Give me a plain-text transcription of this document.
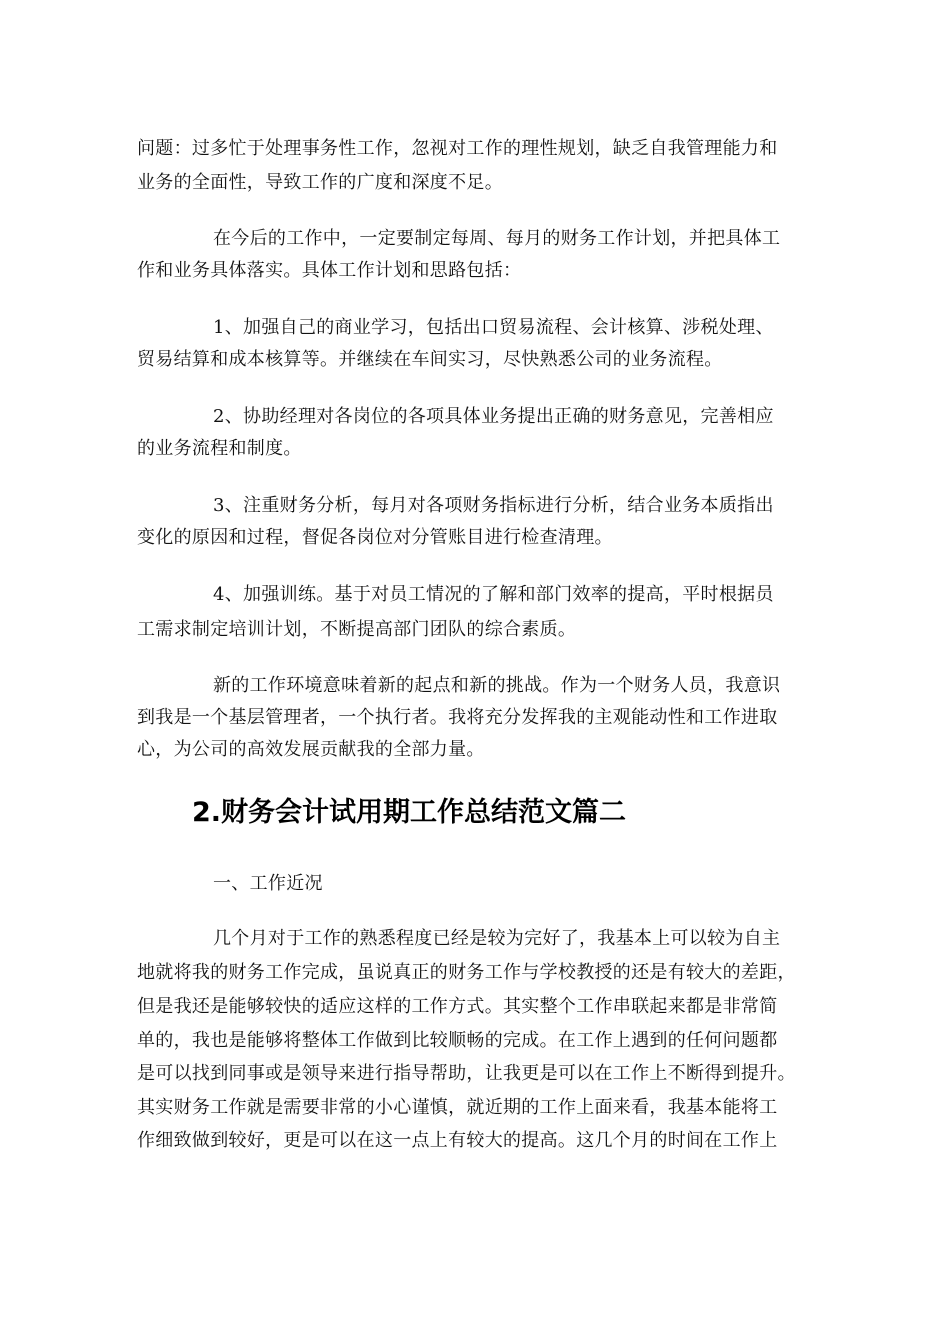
问题：过多忙于处理事务性工作，忽视对工作的理性规划，缺乏自我管理能力和
业务的全面性，导致工作的广度和深度不足。
在今后的工作中，一定要制定每周、每月的财务工作计划，并把具体工
作和业务具体落实。具体工作计划和思路包括：
1、加强自己的商业学习，包括出口贸易流程、会计核算、涉税处理、
贸易结算和成本核算等。并继续在车间实习，尽快熟悉公司的业务流程。
2、协助经理对各岗位的各项具体业务提出正确的财务意见，完善相应
的业务流程和制度。
3、注重财务分析，每月对各项财务指标进行分析，结合业务本质指出
变化的原因和过程，督促各岗位对分管账目进行检查清理。
4、加强训练。基于对员工情况的了解和部门效率的提高，平时根据员
工需求制定培训计划，不断提高部门团队的综合素质。
新的工作环境意味着新的起点和新的挑战。作为一个财务人员，我意识
到我是一个基层管理者，一个执行者。我将充分发挥我的主观能动性和工作进取
心，为公司的高效发展贡献我的全部力量。
2.财务会计试用期工作总结范文篇二
一、工作近况
几个月对于工作的熟悉程度已经是较为完好了，我基本上可以较为自主
地就将我的财务工作完成，虽说真正的财务工作与学校教授的还是有较大的差距，
但是我还是能够较快的适应这样的工作方式。其实整个工作串联起来都是非常简
单的，我也是能够将整体工作做到比较顺畅的完成。在工作上遇到的任何问题都
是可以找到同事或是领导来进行指导帮助，让我更是可以在工作上不断得到提升。
其实财务工作就是需要非常的小心谨慎，就近期的工作上面来看，我基本能将工
作细致做到较好，更是可以在这一点上有较大的提高。这几个月的时间在工作上
